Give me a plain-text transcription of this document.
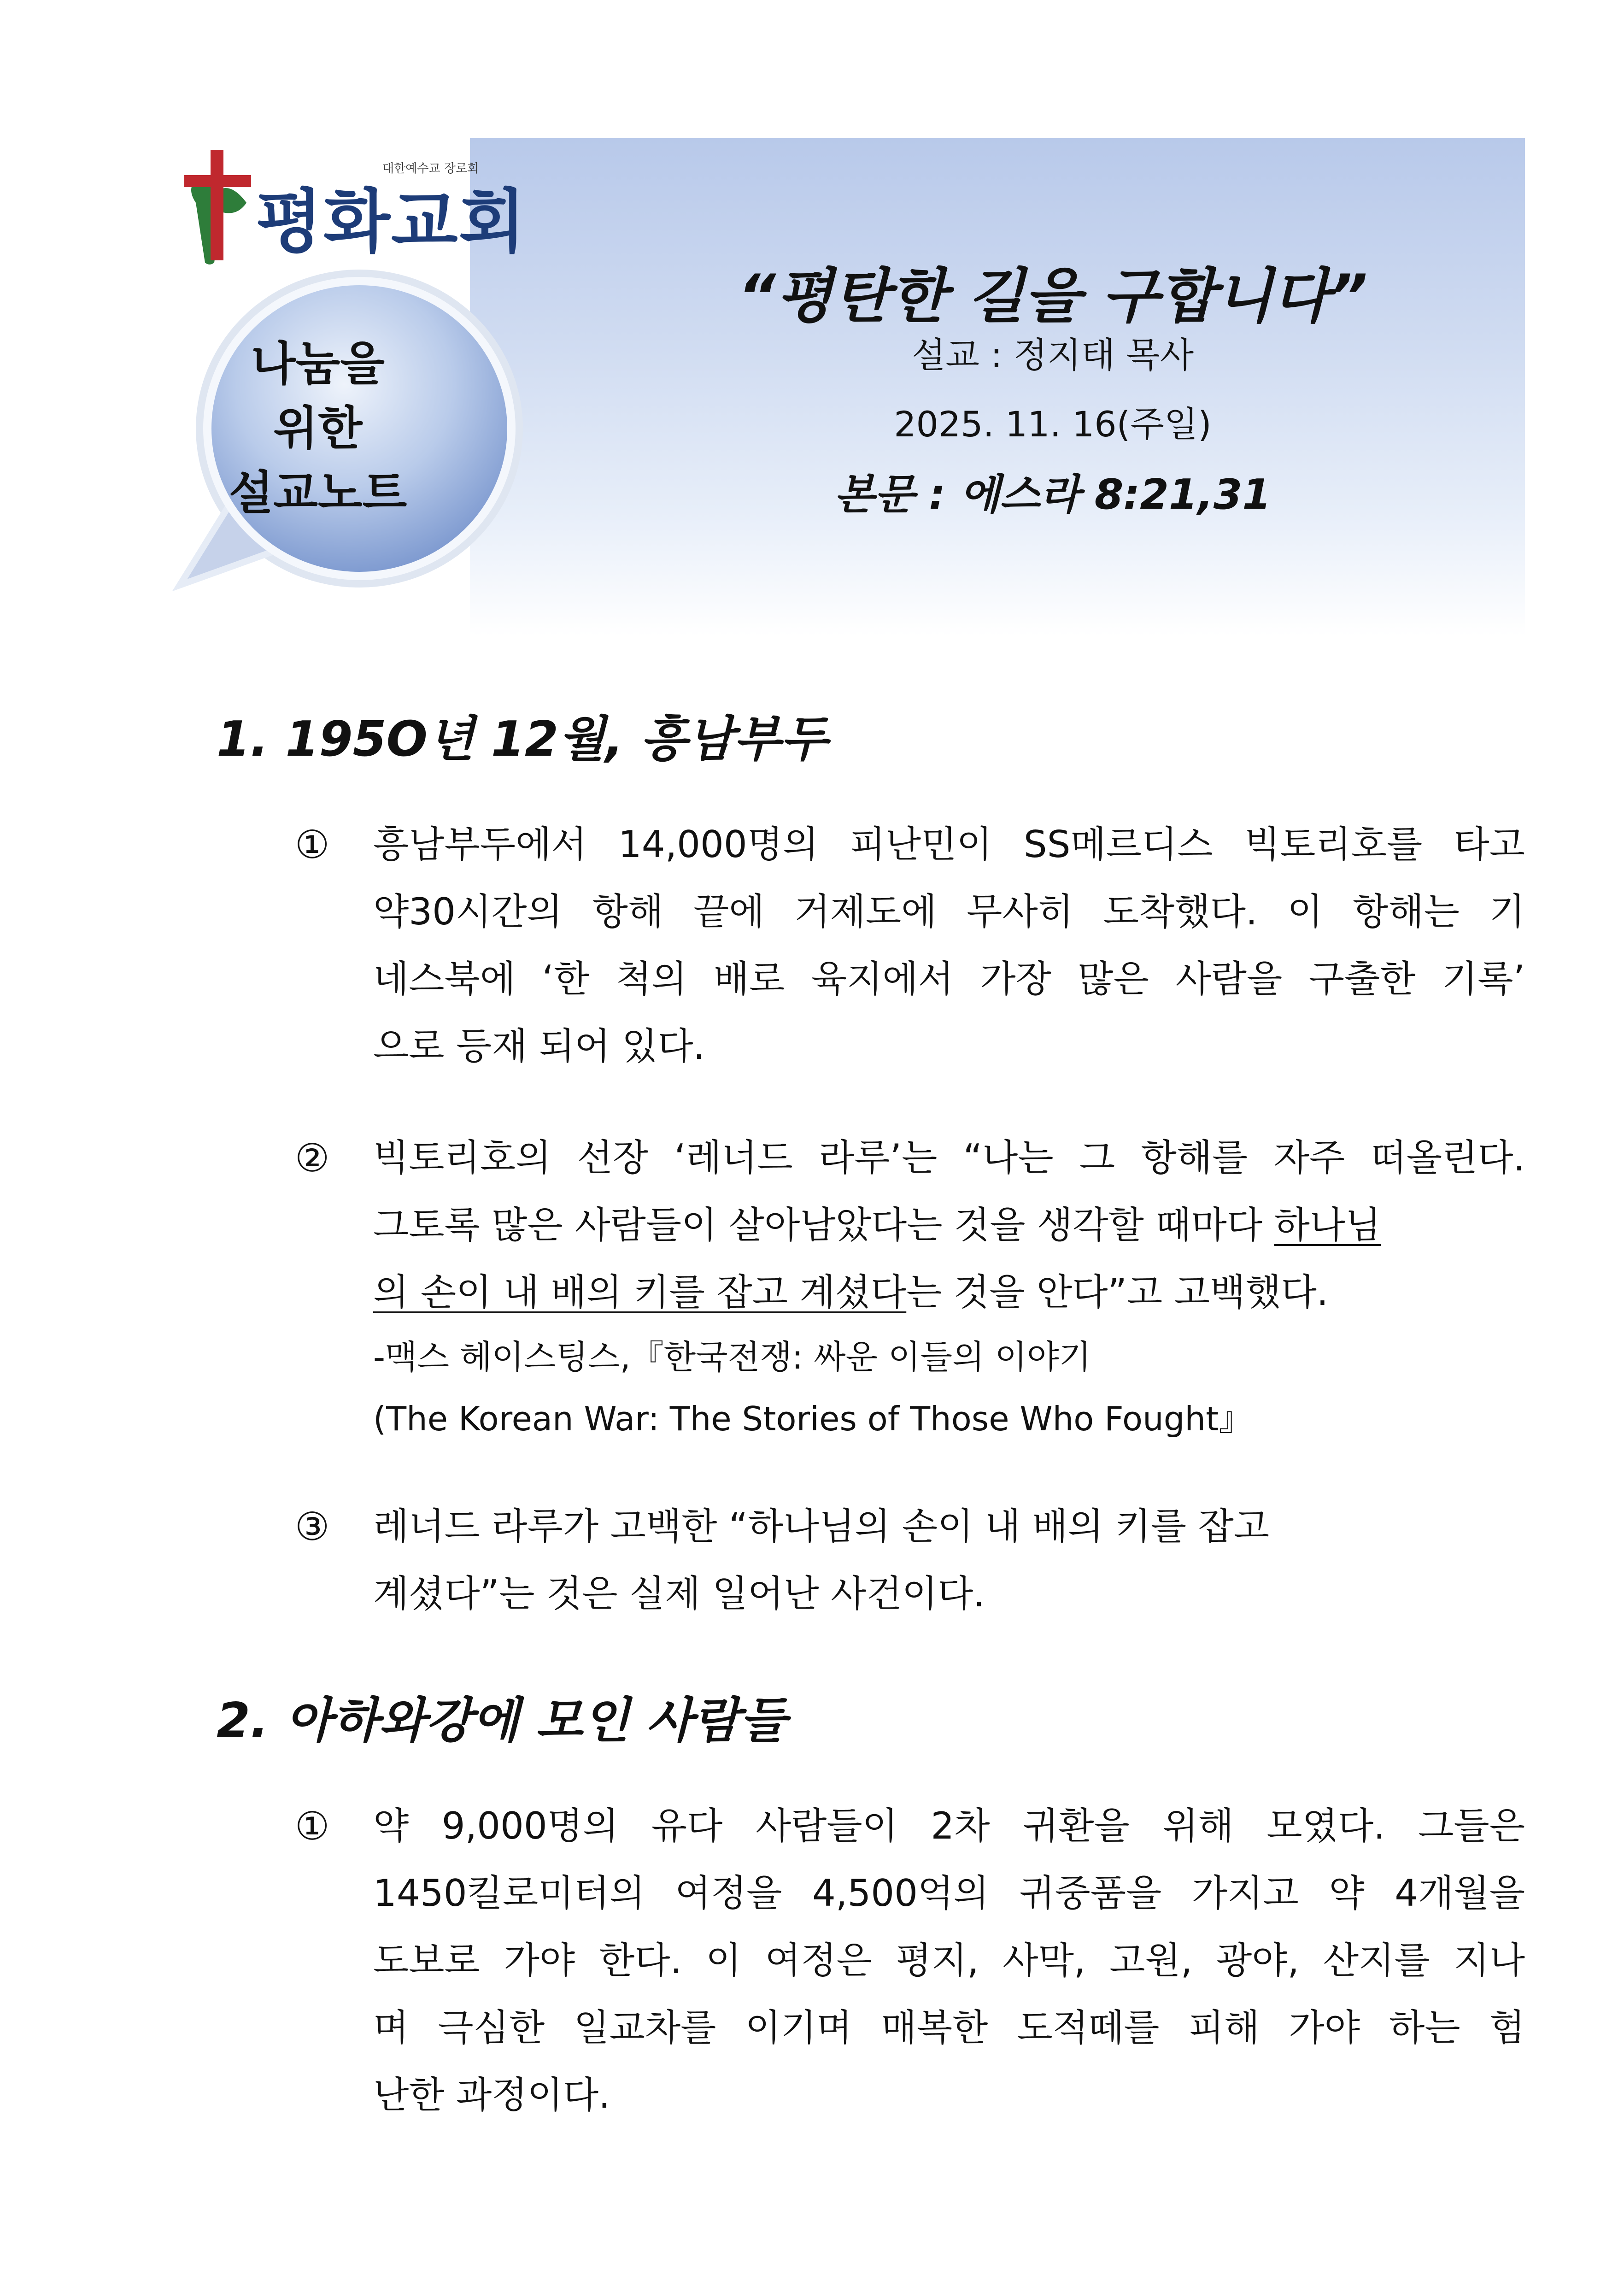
대한예수교 장로회
평화교회
나눔을
위한
설교노트
“평탄한 길을 구합니다”
설교 : 정지태 목사
2025. 11. 16(주일)
본문 : 에스라 8:21,31
1. 195O년 12월, 흥남부두
① 흥남부두에서 14,000명의 피난민이 SS메르디스 빅토리호를 타고
약30시간의 항해 끝에 거제도에 무사히 도착했다. 이 항해는 기
네스북에 ‘한 척의 배로 육지에서 가장 많은 사람을 구출한 기록’
으로 등재 되어 있다.
② 빅토리호의 선장 ‘레너드 라루’는 “나는 그 항해를 자주 떠올린다.
그토록 많은 사람들이 살아남았다는 것을 생각할 때마다 하나님
의 손이 내 배의 키를 잡고 계셨다는 것을 안다”고 고백했다.
-맥스 헤이스팅스,『한국전쟁: 싸운 이들의 이야기
(The Korean War: The Stories of Those Who Fought』
③ 레너드 라루가 고백한 “하나님의 손이 내 배의 키를 잡고
계셨다”는 것은 실제 일어난 사건이다.
2. 아하와강에 모인 사람들
① 약 9,000명의 유다 사람들이 2차 귀환을 위해 모였다. 그들은
1450킬로미터의 여정을 4,500억의 귀중품을 가지고 약 4개월을
도보로 가야 한다. 이 여정은 평지, 사막, 고원, 광야, 산지를 지나
며 극심한 일교차를 이기며 매복한 도적떼를 피해 가야 하는 험
난한 과정이다.
